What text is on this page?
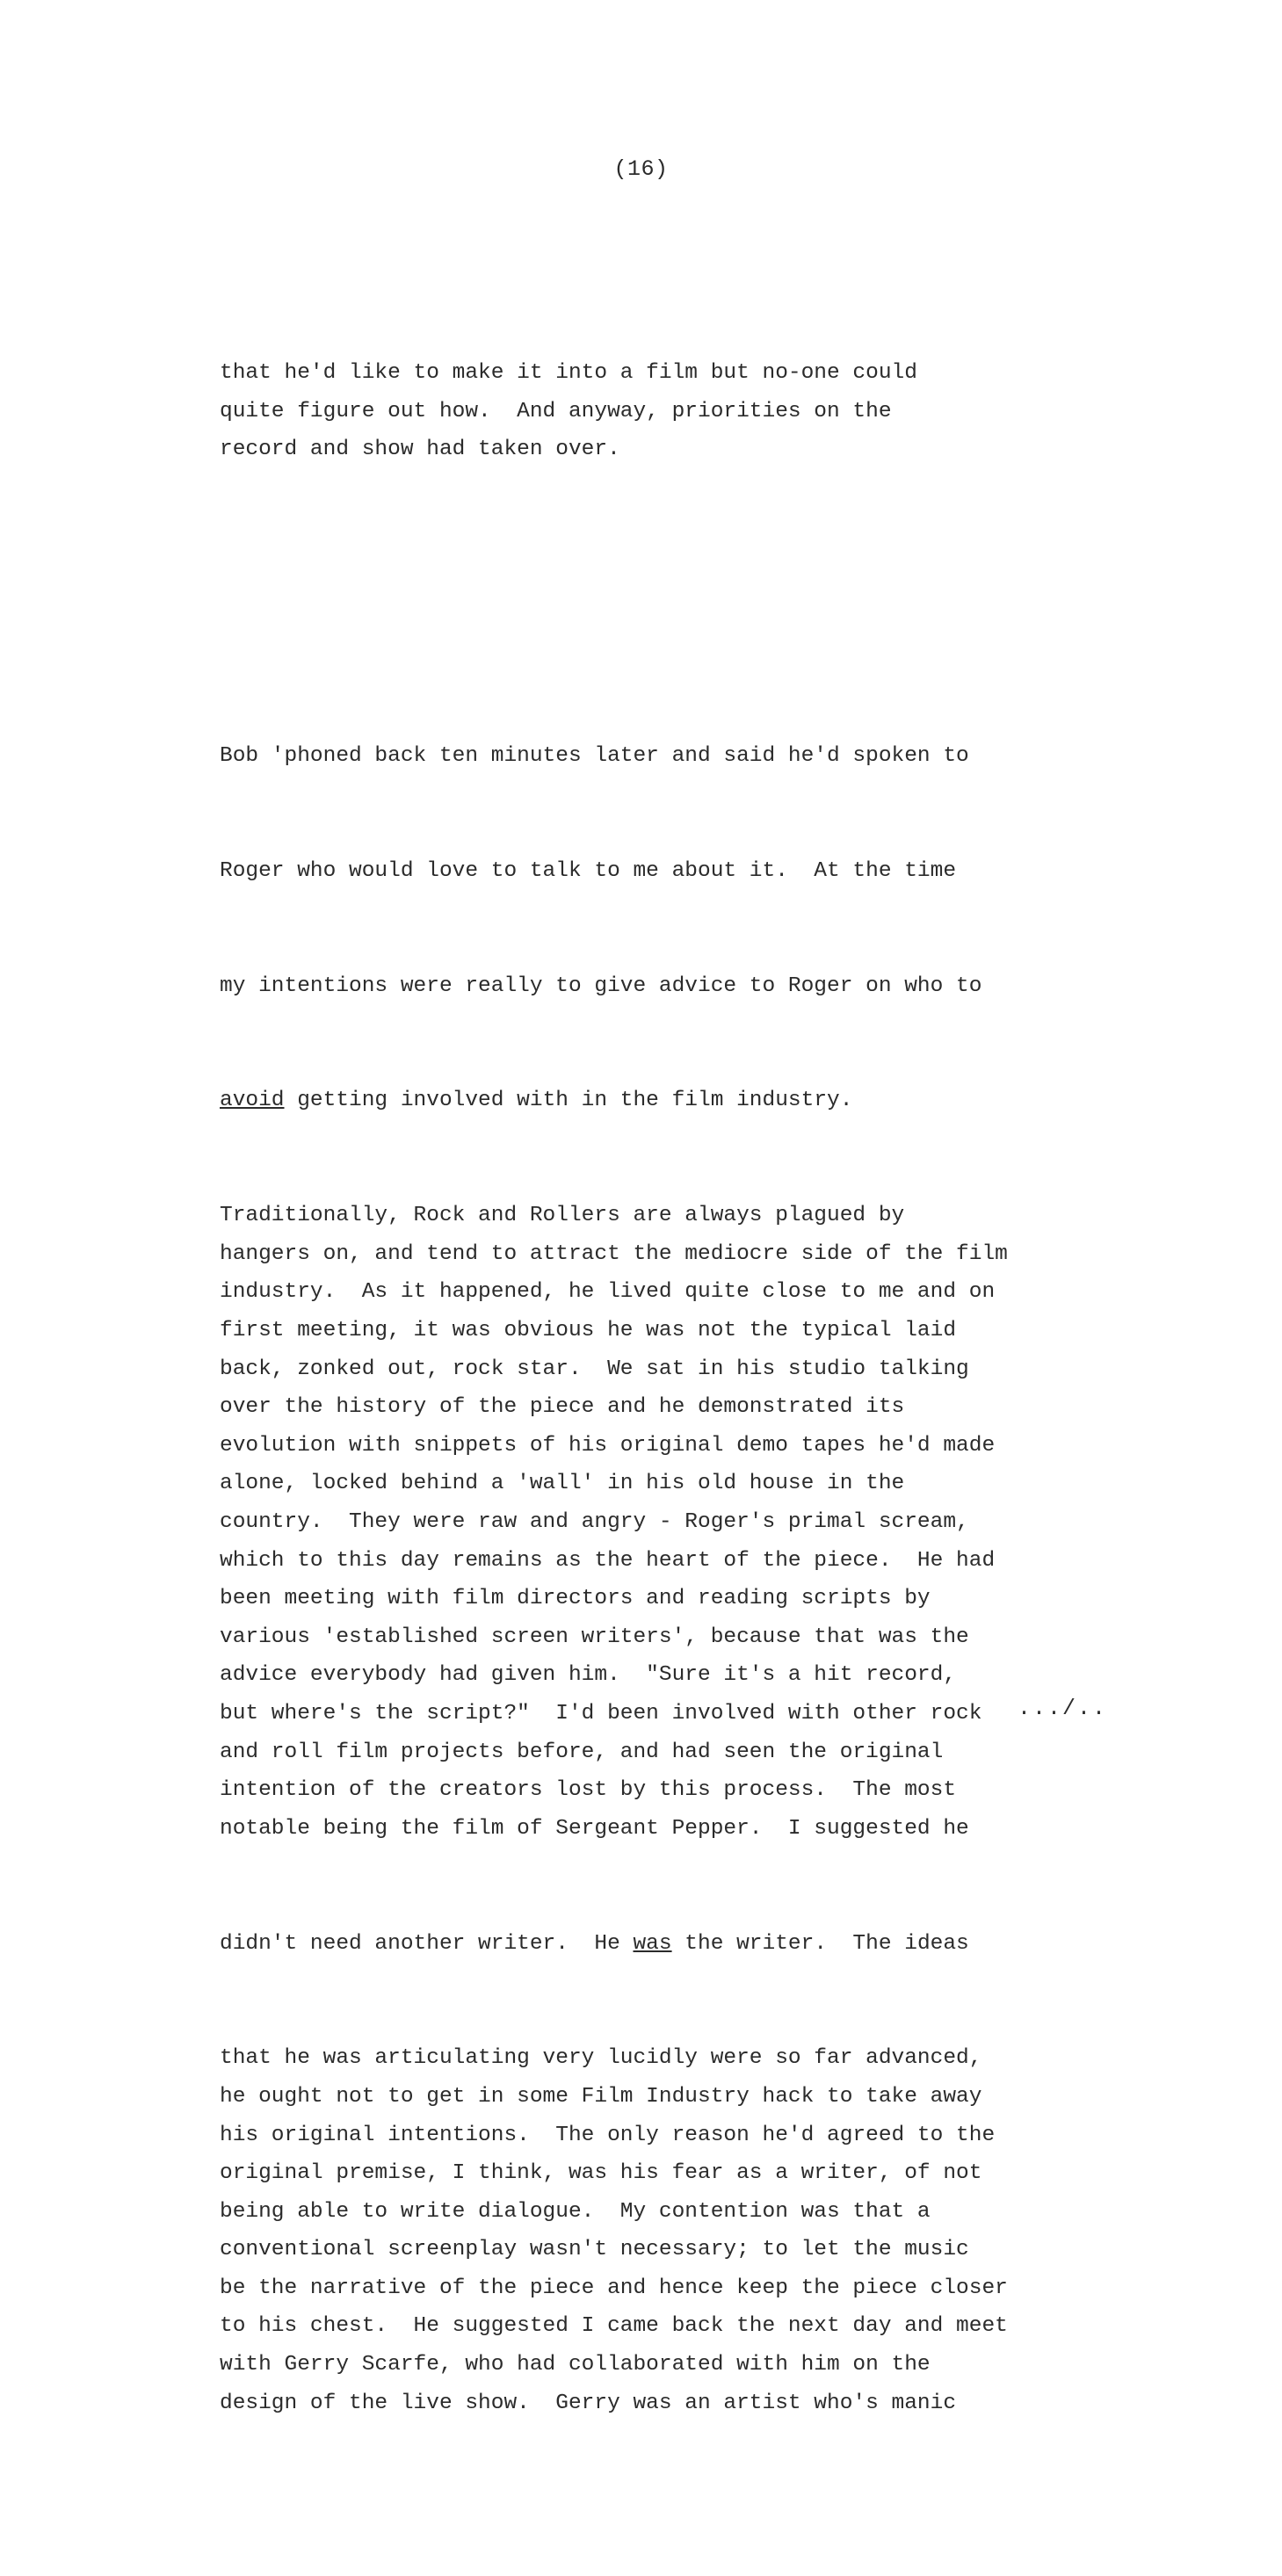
(16)

that he'd like to make it into a film but no-one could
quite figure out how.  And anyway, priorities on the
record and show had taken over.

Bob 'phoned back ten minutes later and said he'd spoken to

Roger who would love to talk to me about it.  At the time

my intentions were really to give advice to Roger on who to

avoid getting involved with in the film industry.

Traditionally, Rock and Rollers are always plagued by
hangers on, and tend to attract the mediocre side of the film
industry.  As it happened, he lived quite close to me and on
first meeting, it was obvious he was not the typical laid
back, zonked out, rock star.  We sat in his studio talking
over the history of the piece and he demonstrated its
evolution with snippets of his original demo tapes he'd made
alone, locked behind a 'wall' in his old house in the
country.  They were raw and angry - Roger's primal scream,
which to this day remains as the heart of the piece.  He had
been meeting with film directors and reading scripts by
various 'established screen writers', because that was the
advice everybody had given him.  "Sure it's a hit record,
but where's the script?"  I'd been involved with other rock
and roll film projects before, and had seen the original
intention of the creators lost by this process.  The most
notable being the film of Sergeant Pepper.  I suggested he

didn't need another writer.  He was the writer.  The ideas

that he was articulating very lucidly were so far advanced,
he ought not to get in some Film Industry hack to take away
his original intentions.  The only reason he'd agreed to the
original premise, I think, was his fear as a writer, of not
being able to write dialogue.  My contention was that a
conventional screenplay wasn't necessary; to let the music
be the narrative of the piece and hence keep the piece closer
to his chest.  He suggested I came back the next day and meet
with Gerry Scarfe, who had collaborated with him on the
design of the live show.  Gerry was an artist who's manic

.../..
